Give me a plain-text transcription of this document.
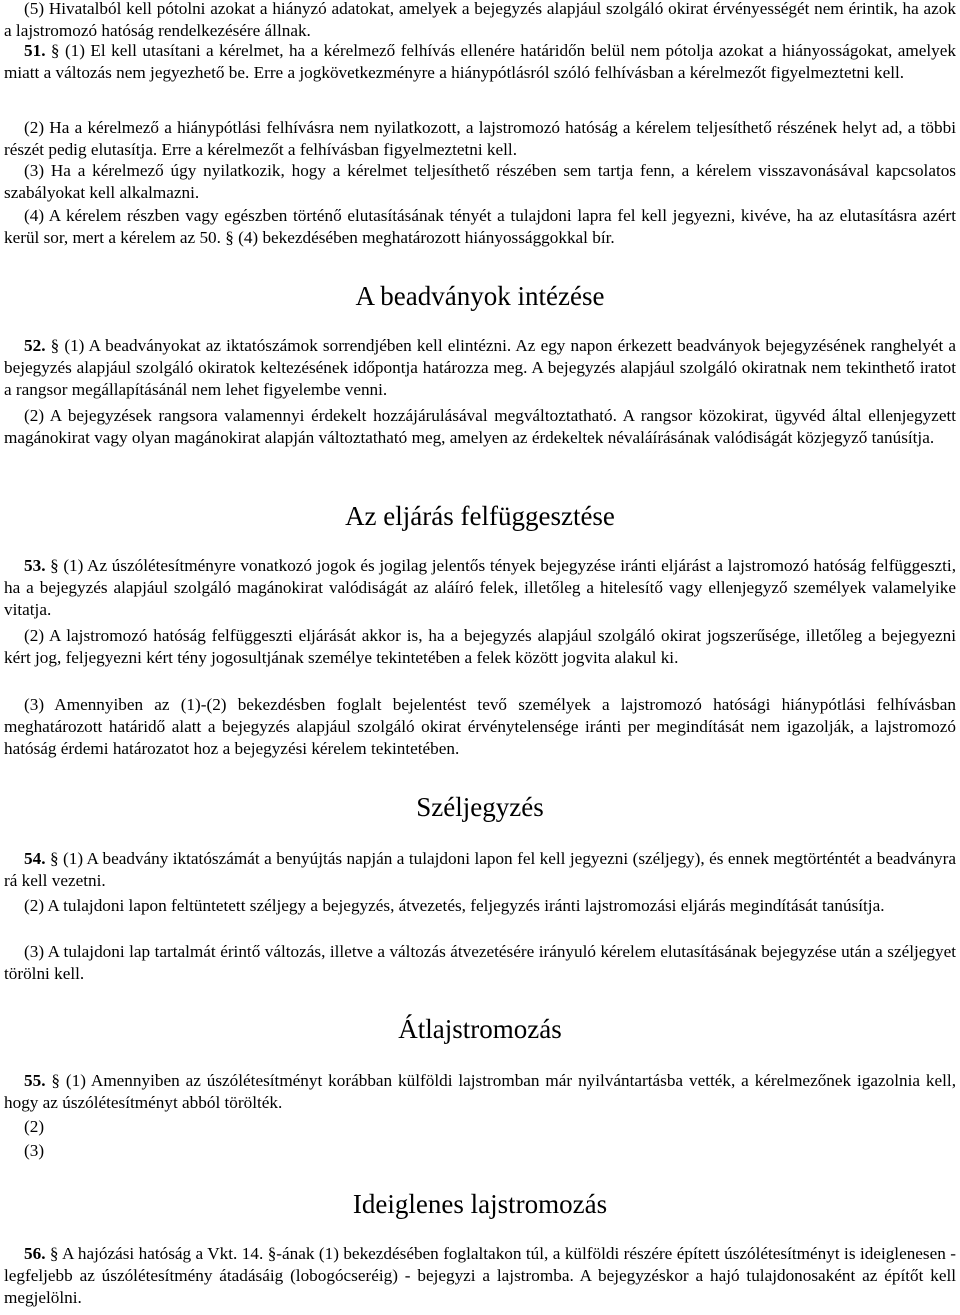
(5) Hivatalból kell pótolni azokat a hiányzó adatokat, amelyek a bejegyzés alapjául szolgáló okirat érvényességét nem érintik, ha azok a lajstromozó hatóság rendelkezésére állnak.

51. § (1) El kell utasítani a kérelmet, ha a kérelmező felhívás ellenére határidőn belül nem pótolja azokat a hiányosságokat, amelyek miatt a változás nem jegyezhető be. Erre a jogkövetkezményre a hiánypótlásról szóló felhívásban a kérelmezőt figyelmeztetni kell.

(2) Ha a kérelmező a hiánypótlási felhívásra nem nyilatkozott, a lajstromozó hatóság a kérelem teljesíthető részének helyt ad, a többi részét pedig elutasítja. Erre a kérelmezőt a felhívásban figyelmeztetni kell.

(3) Ha a kérelmező úgy nyilatkozik, hogy a kérelmet teljesíthető részében sem tartja fenn, a kérelem visszavonásával kapcsolatos szabályokat kell alkalmazni.

(4) A kérelem részben vagy egészben történő elutasításának tényét a tulajdoni lapra fel kell jegyezni, kivéve, ha az elutasításra azért kerül sor, mert a kérelem az 50. § (4) bekezdésében meghatározott hiányossággokkal bír.

A beadványok intézése

52. § (1) A beadványokat az iktatószámok sorrendjében kell elintézni. Az egy napon érkezett beadványok bejegyzésének ranghelyét a bejegyzés alapjául szolgáló okiratok keltezésének időpontja határozza meg. A bejegyzés alapjául szolgáló okiratnak nem tekinthető iratot a rangsor megállapításánál nem lehet figyelembe venni.

(2) A bejegyzések rangsora valamennyi érdekelt hozzájárulásával megváltoztatható. A rangsor közokirat, ügyvéd által ellenjegyzett magánokirat vagy olyan magánokirat alapján változtatható meg, amelyen az érdekeltek névaláírásának valódiságát közjegyző tanúsítja.

Az eljárás felfüggesztése

53. § (1) Az úszólétesítményre vonatkozó jogok és jogilag jelentős tények bejegyzése iránti eljárást a lajstromozó hatóság felfüggeszti, ha a bejegyzés alapjául szolgáló magánokirat valódiságát az aláíró felek, illetőleg a hitelesítő vagy ellenjegyző személyek valamelyike vitatja.

(2) A lajstromozó hatóság felfüggeszti eljárását akkor is, ha a bejegyzés alapjául szolgáló okirat jogszerűsége, illetőleg a bejegyezni kért jog, feljegyezni kért tény jogosultjának személye tekintetében a felek között jogvita alakul ki.

(3) Amennyiben az (1)-(2) bekezdésben foglalt bejelentést tevő személyek a lajstromozó hatósági hiánypótlási felhívásban meghatározott határidő alatt a bejegyzés alapjául szolgáló okirat érvénytelensége iránti per megindítását nem igazolják, a lajstromozó hatóság érdemi határozatot hoz a bejegyzési kérelem tekintetében.

Széljegyzés

54. § (1) A beadvány iktatószámát a benyújtás napján a tulajdoni lapon fel kell jegyezni (széljegy), és ennek megtörténtét a beadványra rá kell vezetni.

(2) A tulajdoni lapon feltüntetett széljegy a bejegyzés, átvezetés, feljegyzés iránti lajstromozási eljárás megindítását tanúsítja.

(3) A tulajdoni lap tartalmát érintő változás, illetve a változás átvezetésére irányuló kérelem elutasításának bejegyzése után a széljegyet törölni kell.

Átlajstromozás

55. § (1) Amennyiben az úszólétesítményt korábban külföldi lajstromban már nyilvántartásba vették, a kérelmezőnek igazolnia kell, hogy az úszólétesítményt abból törölték.

(2)

(3)

Ideiglenes lajstromozás

56. § A hajózási hatóság a Vkt. 14. §-ának (1) bekezdésében foglaltakon túl, a külföldi részére épített úszólétesítményt is ideiglenesen - legfeljebb az úszólétesítmény átadásáig (lobogócseréig) - bejegyzi a lajstromba. A bejegyzéskor a hajó tulajdonosaként az építőt kell megjelölni.
